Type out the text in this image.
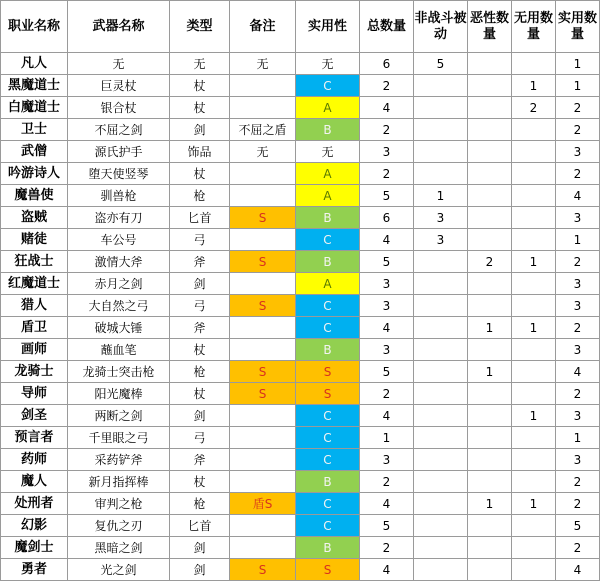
职业名称	武器名称	类型	备注	实用性	总数量	非战斗被动	恶性数量	无用数量	实用数量
凡人	无	无	无	无	6	5			1
黑魔道士	巨灵杖	杖		C	2			1	1
白魔道士	银合杖	杖		A	4			2	2
卫士	不屈之剑	剑	不屈之盾	B	2				2
武僧	源氏护手	饰品	无	无	3				3
吟游诗人	堕天使竖琴	杖		A	2				2
魔兽使	驯兽枪	枪		A	5	1			4
盗贼	盗亦有刀	匕首	S	B	6	3			3
赌徒	车公号	弓		C	4	3			1
狂战士	激情大斧	斧	S	B	5		2	1	2
红魔道士	赤月之剑	剑		A	3				3
猎人	大自然之弓	弓	S	C	3				3
盾卫	破城大锤	斧		C	4		1	1	2
画师	蘸血笔	杖		B	3				3
龙骑士	龙骑士突击枪	枪	S	S	5		1		4
导师	阳光魔棒	杖	S	S	2				2
剑圣	两断之剑	剑		C	4			1	3
预言者	千里眼之弓	弓		C	1				1
药师	采药铲斧	斧		C	3				3
魔人	新月指挥棒	杖		B	2				2
处刑者	审判之枪	枪	盾S	C	4		1	1	2
幻影	复仇之刃	匕首		C	5				5
魔剑士	黑暗之剑	剑		B	2				2
勇者	光之剑	剑	S	S	4				4
